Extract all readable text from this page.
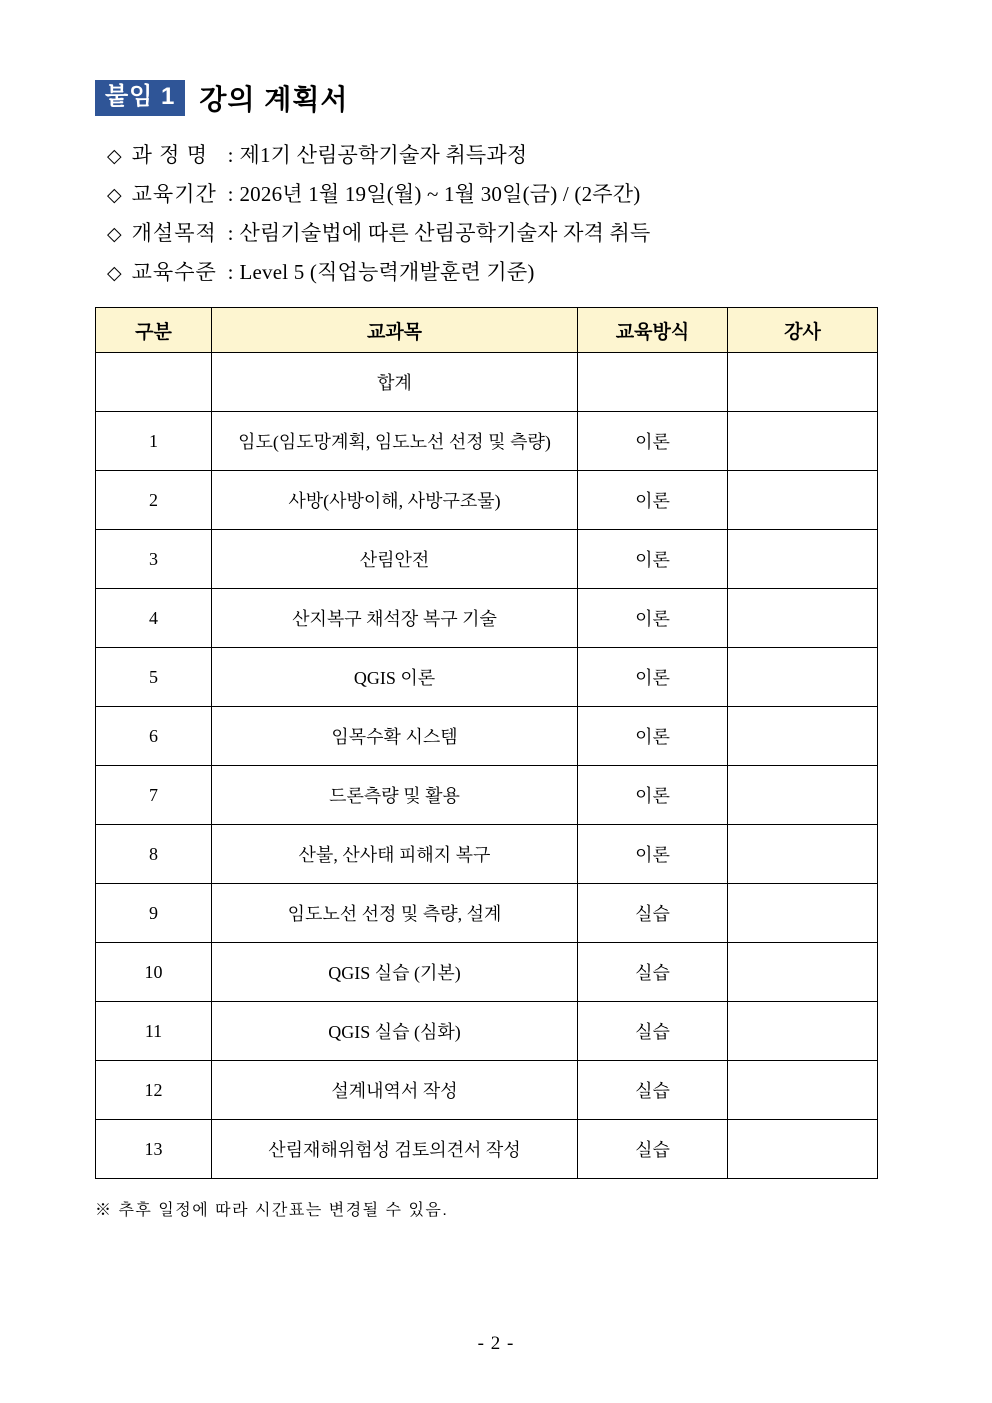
붙임 1 강의 계획서
◇ 과 정 명 : 제1기 산림공학기술자 취득과정
◇ 교육기간 : 2026년 1월 19일(월) ~ 1월 30일(금) / (2주간)
◇ 개설목적 : 산림기술법에 따른 산림공학기술자 자격 취득
◇ 교육수준 : Level 5 (직업능력개발훈련 기준)
구분	교과목	교육방식	강사
	합계		
1	임도(임도망계획, 임도노선 선정 및 측량)	이론	
2	사방(사방이해, 사방구조물)	이론	
3	산림안전	이론	
4	산지복구 채석장 복구 기술	이론	
5	QGIS 이론	이론	
6	임목수확 시스템	이론	
7	드론측량 및 활용	이론	
8	산불, 산사태 피해지 복구	이론	
9	임도노선 선정 및 측량, 설계	실습	
10	QGIS 실습 (기본)	실습	
11	QGIS 실습 (심화)	실습	
12	설계내역서 작성	실습	
13	산림재해위험성 검토의견서 작성	실습	
※ 추후 일정에 따라 시간표는 변경될 수 있음.
- 2 -
